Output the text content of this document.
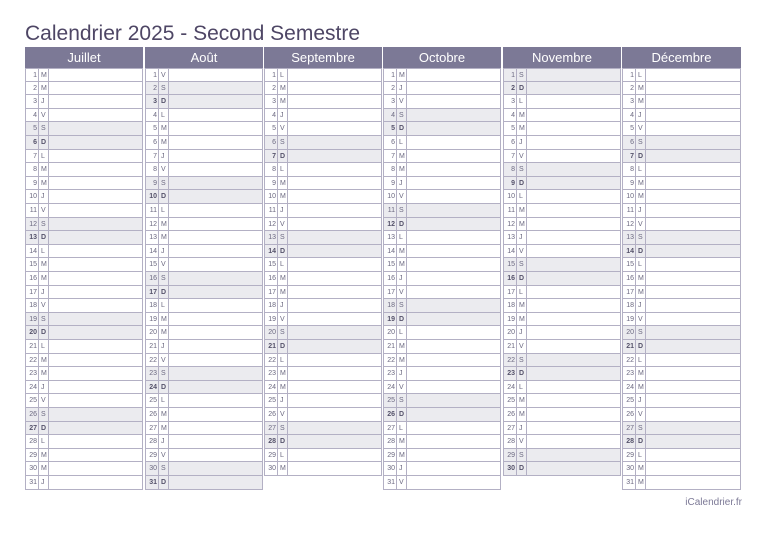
Calendrier 2025 - Second Semestre
Juillet
1 M
2 M
3 J
4 V
5 S
6 D
7 L
8 M
9 M
10 J
11 V
12 S
13 D
14 L
15 M
16 M
17 J
18 V
19 S
20 D
21 L
22 M
23 M
24 J
25 V
26 S
27 D
28 L
29 M
30 M
31 J
Août
1 V
2 S
3 D
4 L
5 M
6 M
7 J
8 V
9 S
10 D
11 L
12 M
13 M
14 J
15 V
16 S
17 D
18 L
19 M
20 M
21 J
22 V
23 S
24 D
25 L
26 M
27 M
28 J
29 V
30 S
31 D
Septembre
1 L
2 M
3 M
4 J
5 V
6 S
7 D
8 L
9 M
10 M
11 J
12 V
13 S
14 D
15 L
16 M
17 M
18 J
19 V
20 S
21 D
22 L
23 M
24 M
25 J
26 V
27 S
28 D
29 L
30 M
Octobre
1 M
2 J
3 V
4 S
5 D
6 L
7 M
8 M
9 J
10 V
11 S
12 D
13 L
14 M
15 M
16 J
17 V
18 S
19 D
20 L
21 M
22 M
23 J
24 V
25 S
26 D
27 L
28 M
29 M
30 J
31 V
Novembre
1 S
2 D
3 L
4 M
5 M
6 J
7 V
8 S
9 D
10 L
11 M
12 M
13 J
14 V
15 S
16 D
17 L
18 M
19 M
20 J
21 V
22 S
23 D
24 L
25 M
26 M
27 J
28 V
29 S
30 D
Décembre
1 L
2 M
3 M
4 J
5 V
6 S
7 D
8 L
9 M
10 M
11 J
12 V
13 S
14 D
15 L
16 M
17 M
18 J
19 V
20 S
21 D
22 L
23 M
24 M
25 J
26 V
27 S
28 D
29 L
30 M
31 M
iCalendrier.fr
